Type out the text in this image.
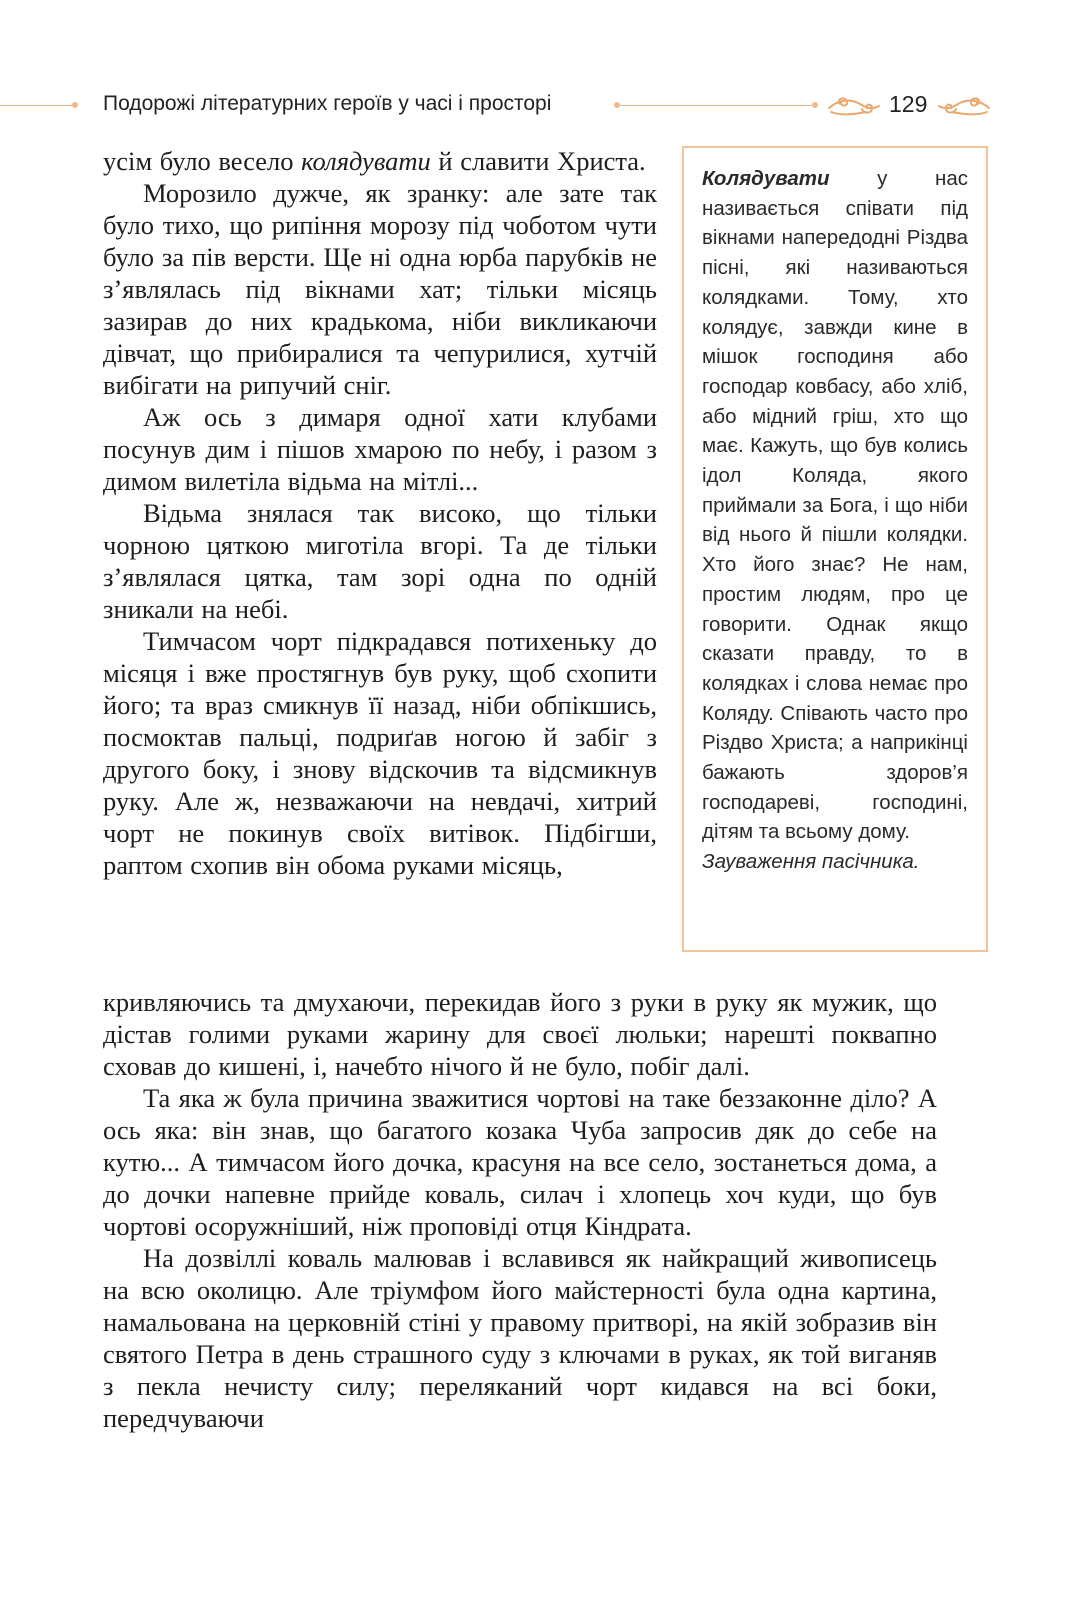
Подорожі літературних героїв у часі і просторі	129

усім було весело колядувати й славити Христа.

Морозило дужче, як зранку: але зате так було тихо, що рипіння морозу під чоботом чути було за пів версти. Ще ні одна юрба парубків не з’являлась під вікнами хат; тільки місяць зазирав до них крадькома, ніби викликаючи дівчат, що прибиралися та чепурилися, хутчій вибігати на рипучий сніг.

Аж ось з димаря одної хати клубами посунув дим і пішов хмарою по небу, і разом з димом вилетіла відьма на мітлі...

Відьма знялася так високо, що тільки чорною цяткою миготіла вгорі. Та де тільки з’являлася цятка, там зорі одна по одній зникали на небі.

Тимчасом чорт підкрадався потихеньку до місяця і вже простягнув був руку, щоб схопити його; та враз смикнув її назад, ніби обпікшись, посмоктав пальці, подриґав ногою й забіг з другого боку, і знову відскочив та відсмикнув руку. Але ж, незважаючи на невдачі, хитрий чорт не покинув своїх витівок. Підбігши, раптом схопив він обома руками місяць,

Колядувати у нас називається співати під вікнами напередодні Різдва пісні, які називаються колядками. Тому, хто колядує, завжди кине в мішок господиня або господар ковбасу, або хліб, або мідний гріш, хто що має. Кажуть, що був колись ідол Коляда, якого приймали за Бога, і що ніби від нього й пішли колядки. Хто його знає? Не нам, простим людям, про це говорити. Однак якщо сказати правду, то в колядках і слова немає про Коляду. Співають часто про Різдво Христа; а наприкінці бажають здоров’я господареві, господині, дітям та всьому дому.
Зауваження пасічника.

кривляючись та дмухаючи, перекидав його з руки в руку як мужик, що дістав голими руками жарину для своєї люльки; нарешті поквапно сховав до кишені, і, начебто нічого й не було, побіг далі.

Та яка ж була причина зважитися чортові на таке беззаконне діло? А ось яка: він знав, що багатого козака Чуба запросив дяк до себе на кутю... А тимчасом його дочка, красуня на все село, зостанеться дома, а до дочки напевне прийде коваль, силач і хлопець хоч куди, що був чортові осоружніший, ніж проповіді отця Кіндрата.

На дозвіллі коваль малював і вславився як найкращий живописець на всю околицю. Але тріумфом його майстерності була одна картина, намальована на церковній стіні у правому притворі, на якій зобразив він святого Петра в день страшного суду з ключами в руках, як той виганяв з пекла нечисту силу; переляканий чорт кидався на всі боки, передчуваючи
